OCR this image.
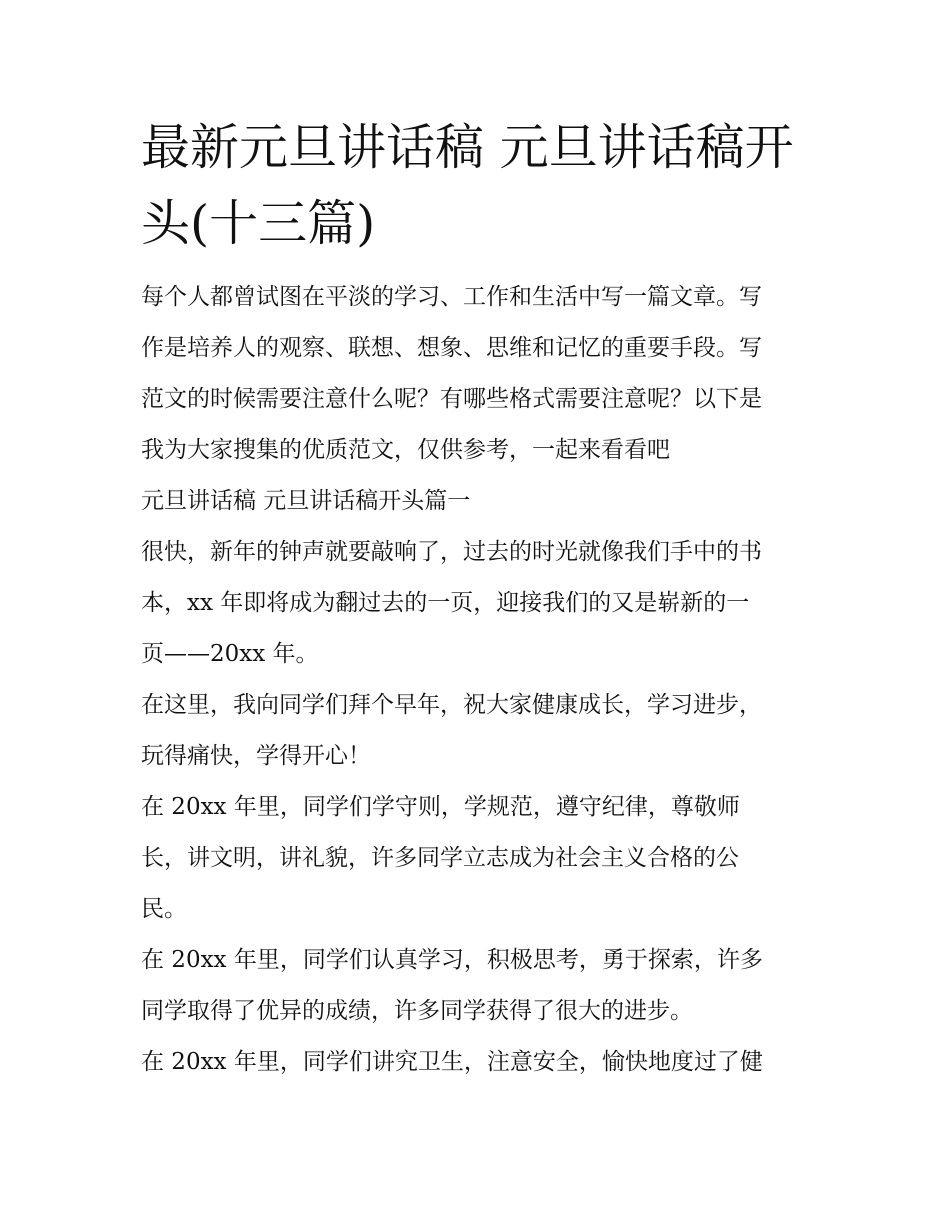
最新元旦讲话稿 元旦讲话稿开
头(十三篇)
每个人都曾试图在平淡的学习、工作和生活中写一篇文章。写
作是培养人的观察、联想、想象、思维和记忆的重要手段。写
范文的时候需要注意什么呢？有哪些格式需要注意呢？以下是
我为大家搜集的优质范文，仅供参考，一起来看看吧
元旦讲话稿 元旦讲话稿开头篇一
很快，新年的钟声就要敲响了，过去的时光就像我们手中的书
本，xx 年即将成为翻过去的一页，迎接我们的又是崭新的一
页——20xx 年。
在这里，我向同学们拜个早年，祝大家健康成长，学习进步，
玩得痛快，学得开心！
在 20xx 年里，同学们学守则，学规范，遵守纪律，尊敬师
长，讲文明，讲礼貌，许多同学立志成为社会主义合格的公
民。
在 20xx 年里，同学们认真学习，积极思考，勇于探索，许多
同学取得了优异的成绩，许多同学获得了很大的进步。
在 20xx 年里，同学们讲究卫生，注意安全，愉快地度过了健
